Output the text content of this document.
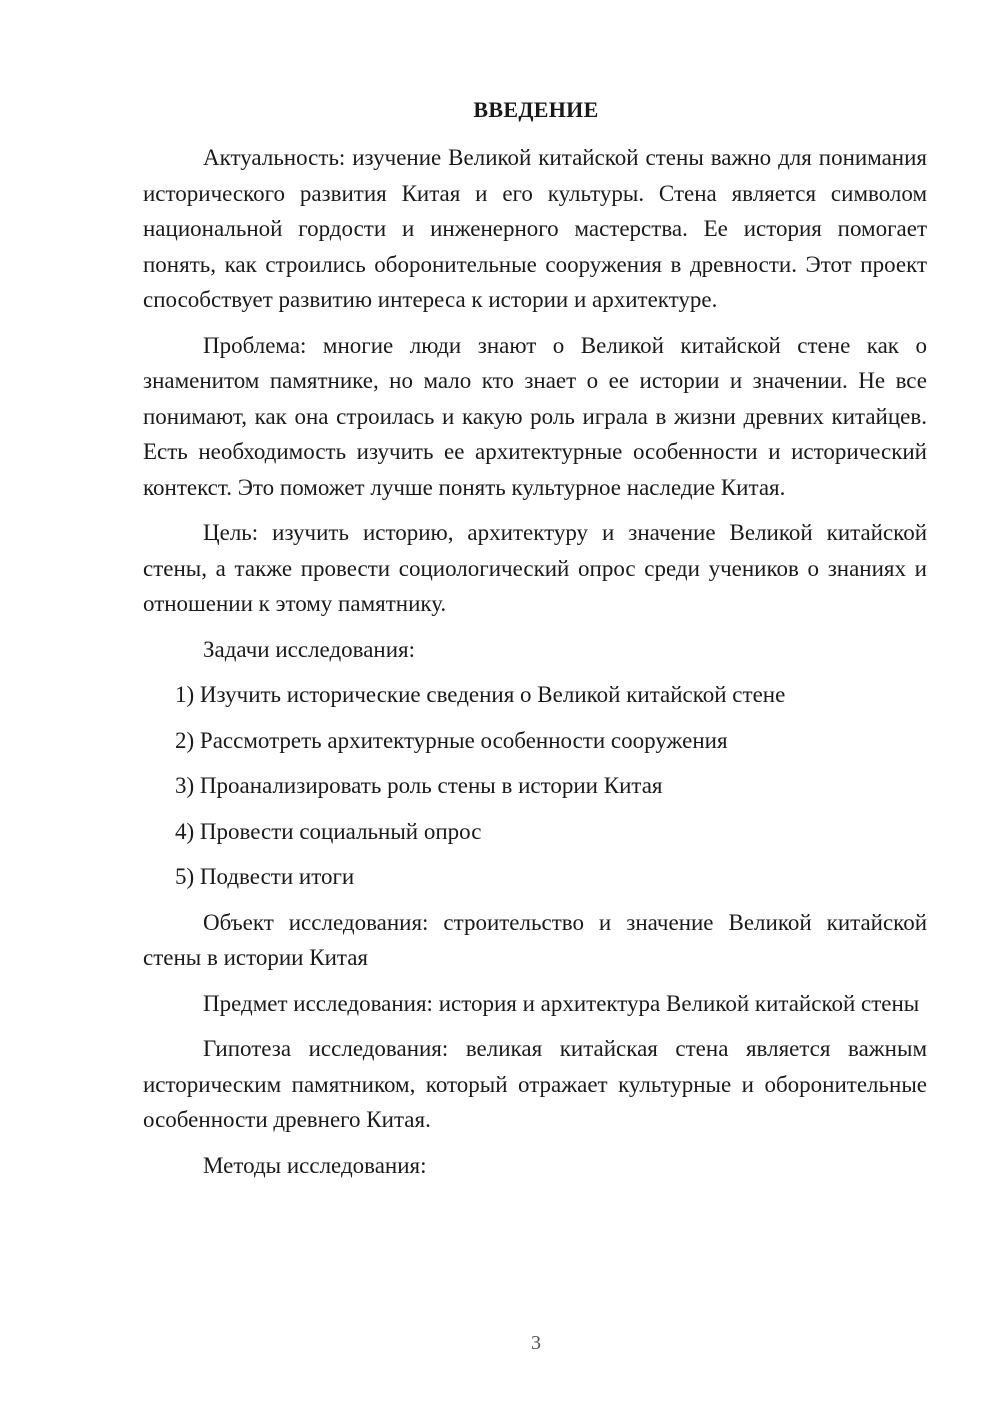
ВВЕДЕНИЕ

Актуальность: изучение Великой китайской стены важно для понимания исторического развития Китая и его культуры. Стена является символом национальной гордости и инженерного мастерства. Ее история помогает понять, как строились оборонительные сооружения в древности. Этот проект способствует развитию интереса к истории и архитектуре.

Проблема: многие люди знают о Великой китайской стене как о знаменитом памятнике, но мало кто знает о ее истории и значении. Не все понимают, как она строилась и какую роль играла в жизни древних китайцев. Есть необходимость изучить ее архитектурные особенности и исторический контекст. Это поможет лучше понять культурное наследие Китая.

Цель: изучить историю, архитектуру и значение Великой китайской стены, а также провести социологический опрос среди учеников о знаниях и отношении к этому памятнику.

Задачи исследования:

1) Изучить исторические сведения о Великой китайской стене

2) Рассмотреть архитектурные особенности сооружения

3) Проанализировать роль стены в истории Китая

4) Провести социальный опрос

5) Подвести итоги

Объект исследования: строительство и значение Великой китайской стены в истории Китая

Предмет исследования: история и архитектура Великой китайской стены

Гипотеза исследования: великая китайская стена является важным историческим памятником, который отражает культурные и оборонительные особенности древнего Китая.

Методы исследования:

3
